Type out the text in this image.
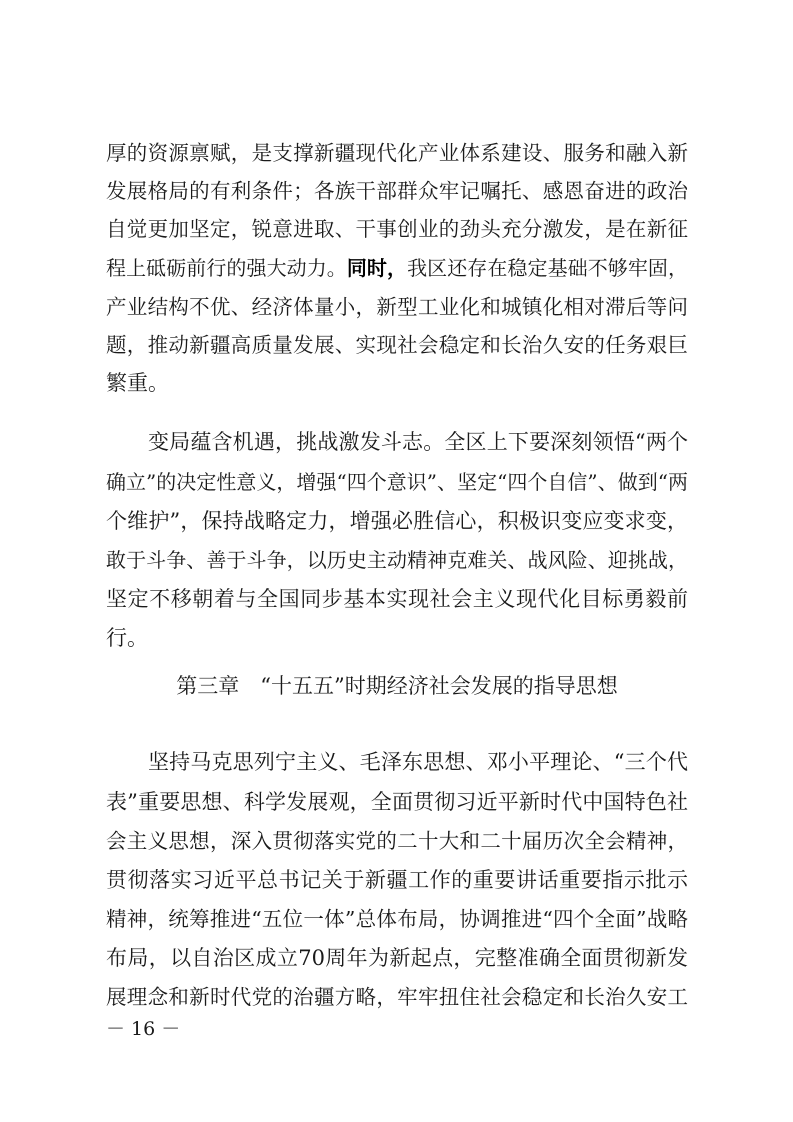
厚的资源禀赋，是支撑新疆现代化产业体系建设、服务和融入新
发展格局的有利条件；各族干部群众牢记嘱托、感恩奋进的政治
自觉更加坚定，锐意进取、干事创业的劲头充分激发，是在新征
程上砥砺前行的强大动力。同时，我区还存在稳定基础不够牢固，
产业结构不优、经济体量小，新型工业化和城镇化相对滞后等问
题，推动新疆高质量发展、实现社会稳定和长治久安的任务艰巨
繁重。
变局蕴含机遇，挑战激发斗志。全区上下要深刻领悟“两个
确立”的决定性意义，增强“四个意识”、坚定“四个自信”、做到“两
个维护”，保持战略定力，增强必胜信心，积极识变应变求变，
敢于斗争、善于斗争，以历史主动精神克难关、战风险、迎挑战，
坚定不移朝着与全国同步基本实现社会主义现代化目标勇毅前
行。
第三章　“十五五”时期经济社会发展的指导思想
坚持马克思列宁主义、毛泽东思想、邓小平理论、“三个代
表”重要思想、科学发展观，全面贯彻习近平新时代中国特色社
会主义思想，深入贯彻落实党的二十大和二十届历次全会精神，
贯彻落实习近平总书记关于新疆工作的重要讲话重要指示批示
精神，统筹推进“五位一体”总体布局，协调推进“四个全面”战略
布局，以自治区成立70周年为新起点，完整准确全面贯彻新发
展理念和新时代党的治疆方略，牢牢扭住社会稳定和长治久安工
－ 16 －
